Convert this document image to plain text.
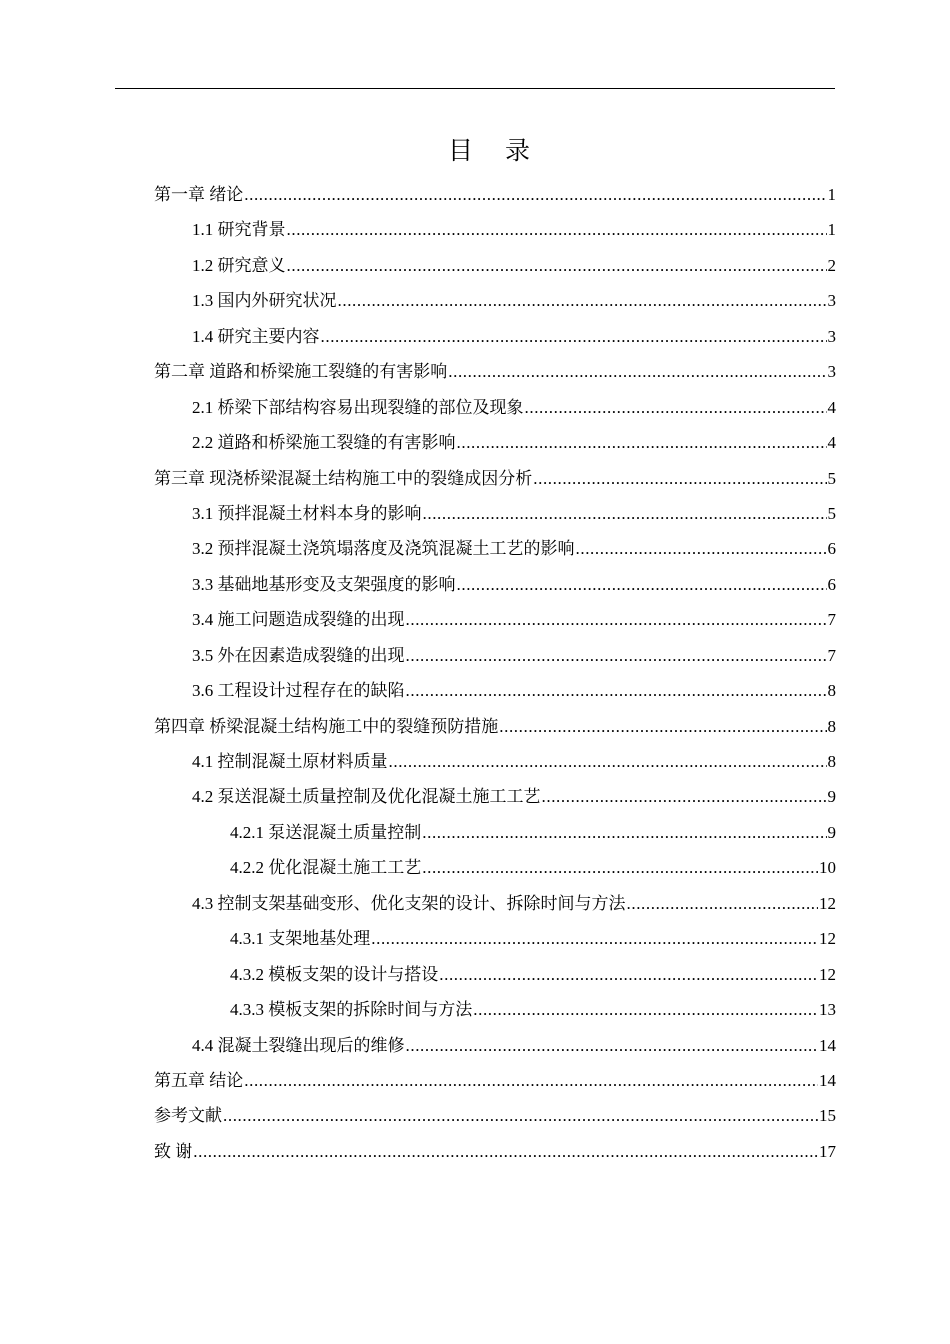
目 录
第一章 绪论 .....	1
1.1 研究背景 .....	1
1.2 研究意义 .....	2
1.3 国内外研究状况 .....	3
1.4 研究主要内容 .....	3
第二章 道路和桥梁施工裂缝的有害影响 .....	3
2.1 桥梁下部结构容易出现裂缝的部位及现象 .....	4
2.2 道路和桥梁施工裂缝的有害影响 .....	4
第三章 现浇桥梁混凝土结构施工中的裂缝成因分析 .....	5
3.1 预拌混凝土材料本身的影响 .....	5
3.2 预拌混凝土浇筑塌落度及浇筑混凝土工艺的影响 .....	6
3.3 基础地基形变及支架强度的影响 .....	6
3.4 施工问题造成裂缝的出现 .....	7
3.5 外在因素造成裂缝的出现 .....	7
3.6 工程设计过程存在的缺陷 .....	8
第四章 桥梁混凝土结构施工中的裂缝预防措施 .....	8
4.1 控制混凝土原材料质量 .....	8
4.2 泵送混凝土质量控制及优化混凝土施工工艺 .....	9
4.2.1 泵送混凝土质量控制 .....	9
4.2.2 优化混凝土施工工艺 .....	10
4.3 控制支架基础变形、优化支架的设计、拆除时间与方法 .....	12
4.3.1 支架地基处理 .....	12
4.3.2 模板支架的设计与搭设 .....	12
4.3.3 模板支架的拆除时间与方法 .....	13
4.4 混凝土裂缝出现后的维修 .....	14
第五章 结论 .....	14
参考文献 .....	15
致 谢 .....	17
